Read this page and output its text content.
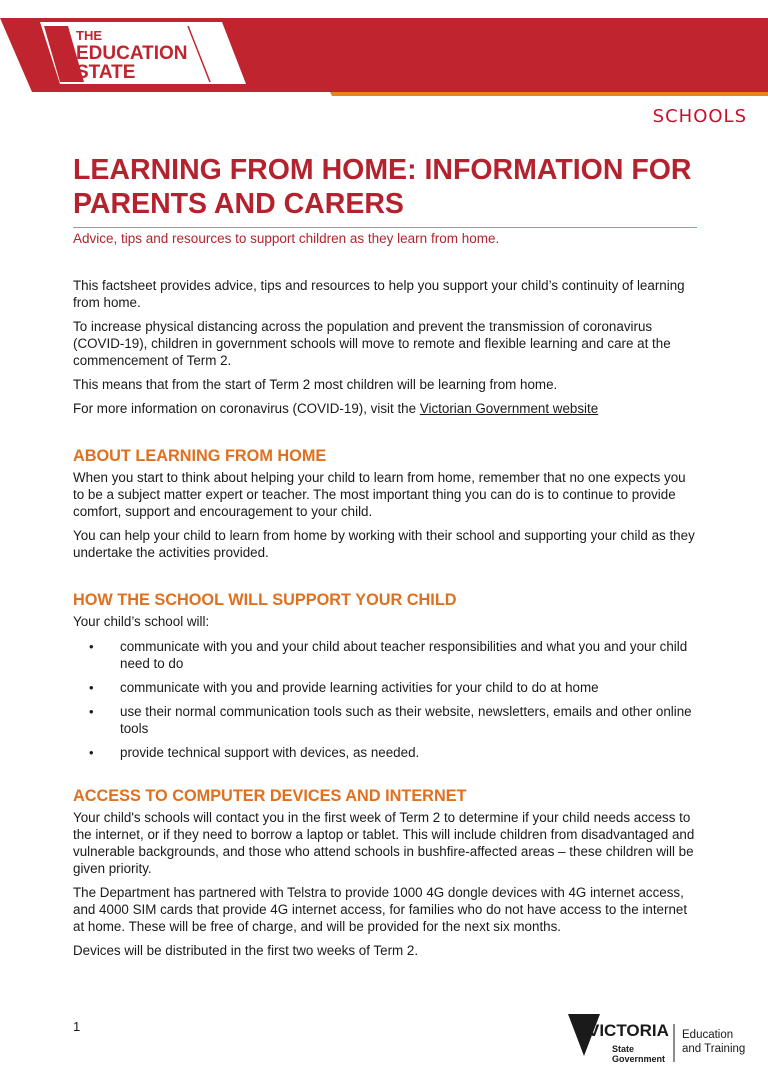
THE
EDUCATION
STATE
SCHOOLS
LEARNING FROM HOME: INFORMATION FOR PARENTS AND CARERS

Advice, tips and resources to support children as they learn from home.

This factsheet provides advice, tips and resources to help you support your child’s continuity of learning from home.

To increase physical distancing across the population and prevent the transmission of coronavirus (COVID-19), children in government schools will move to remote and flexible learning and care at the commencement of Term 2.

This means that from the start of Term 2 most children will be learning from home.

For more information on coronavirus (COVID-19), visit the Victorian Government website

ABOUT LEARNING FROM HOME

When you start to think about helping your child to learn from home, remember that no one expects you to be a subject matter expert or teacher. The most important thing you can do is to continue to provide comfort, support and encouragement to your child.

You can help your child to learn from home by working with their school and supporting your child as they undertake the activities provided.

HOW THE SCHOOL WILL SUPPORT YOUR CHILD

Your child’s school will:

• communicate with you and your child about teacher responsibilities and what you and your child need to do
• communicate with you and provide learning activities for your child to do at home
• use their normal communication tools such as their website, newsletters, emails and other online tools
• provide technical support with devices, as needed.
ACCESS TO COMPUTER DEVICES AND INTERNET

Your child's schools will contact you in the first week of Term 2 to determine if your child needs access to the internet, or if they need to borrow a laptop or tablet. This will include children from disadvantaged and vulnerable backgrounds, and those who attend schools in bushfire-affected areas – these children will be given priority.

The Department has partnered with Telstra to provide 1000 4G dongle devices with 4G internet access, and 4000 SIM cards that provide 4G internet access, for families who do not have access to the internet at home. These will be free of charge, and will be provided for the next six months.

Devices will be distributed in the first two weeks of Term 2.

1	VICTORIA
State
Government
Education
and Training
